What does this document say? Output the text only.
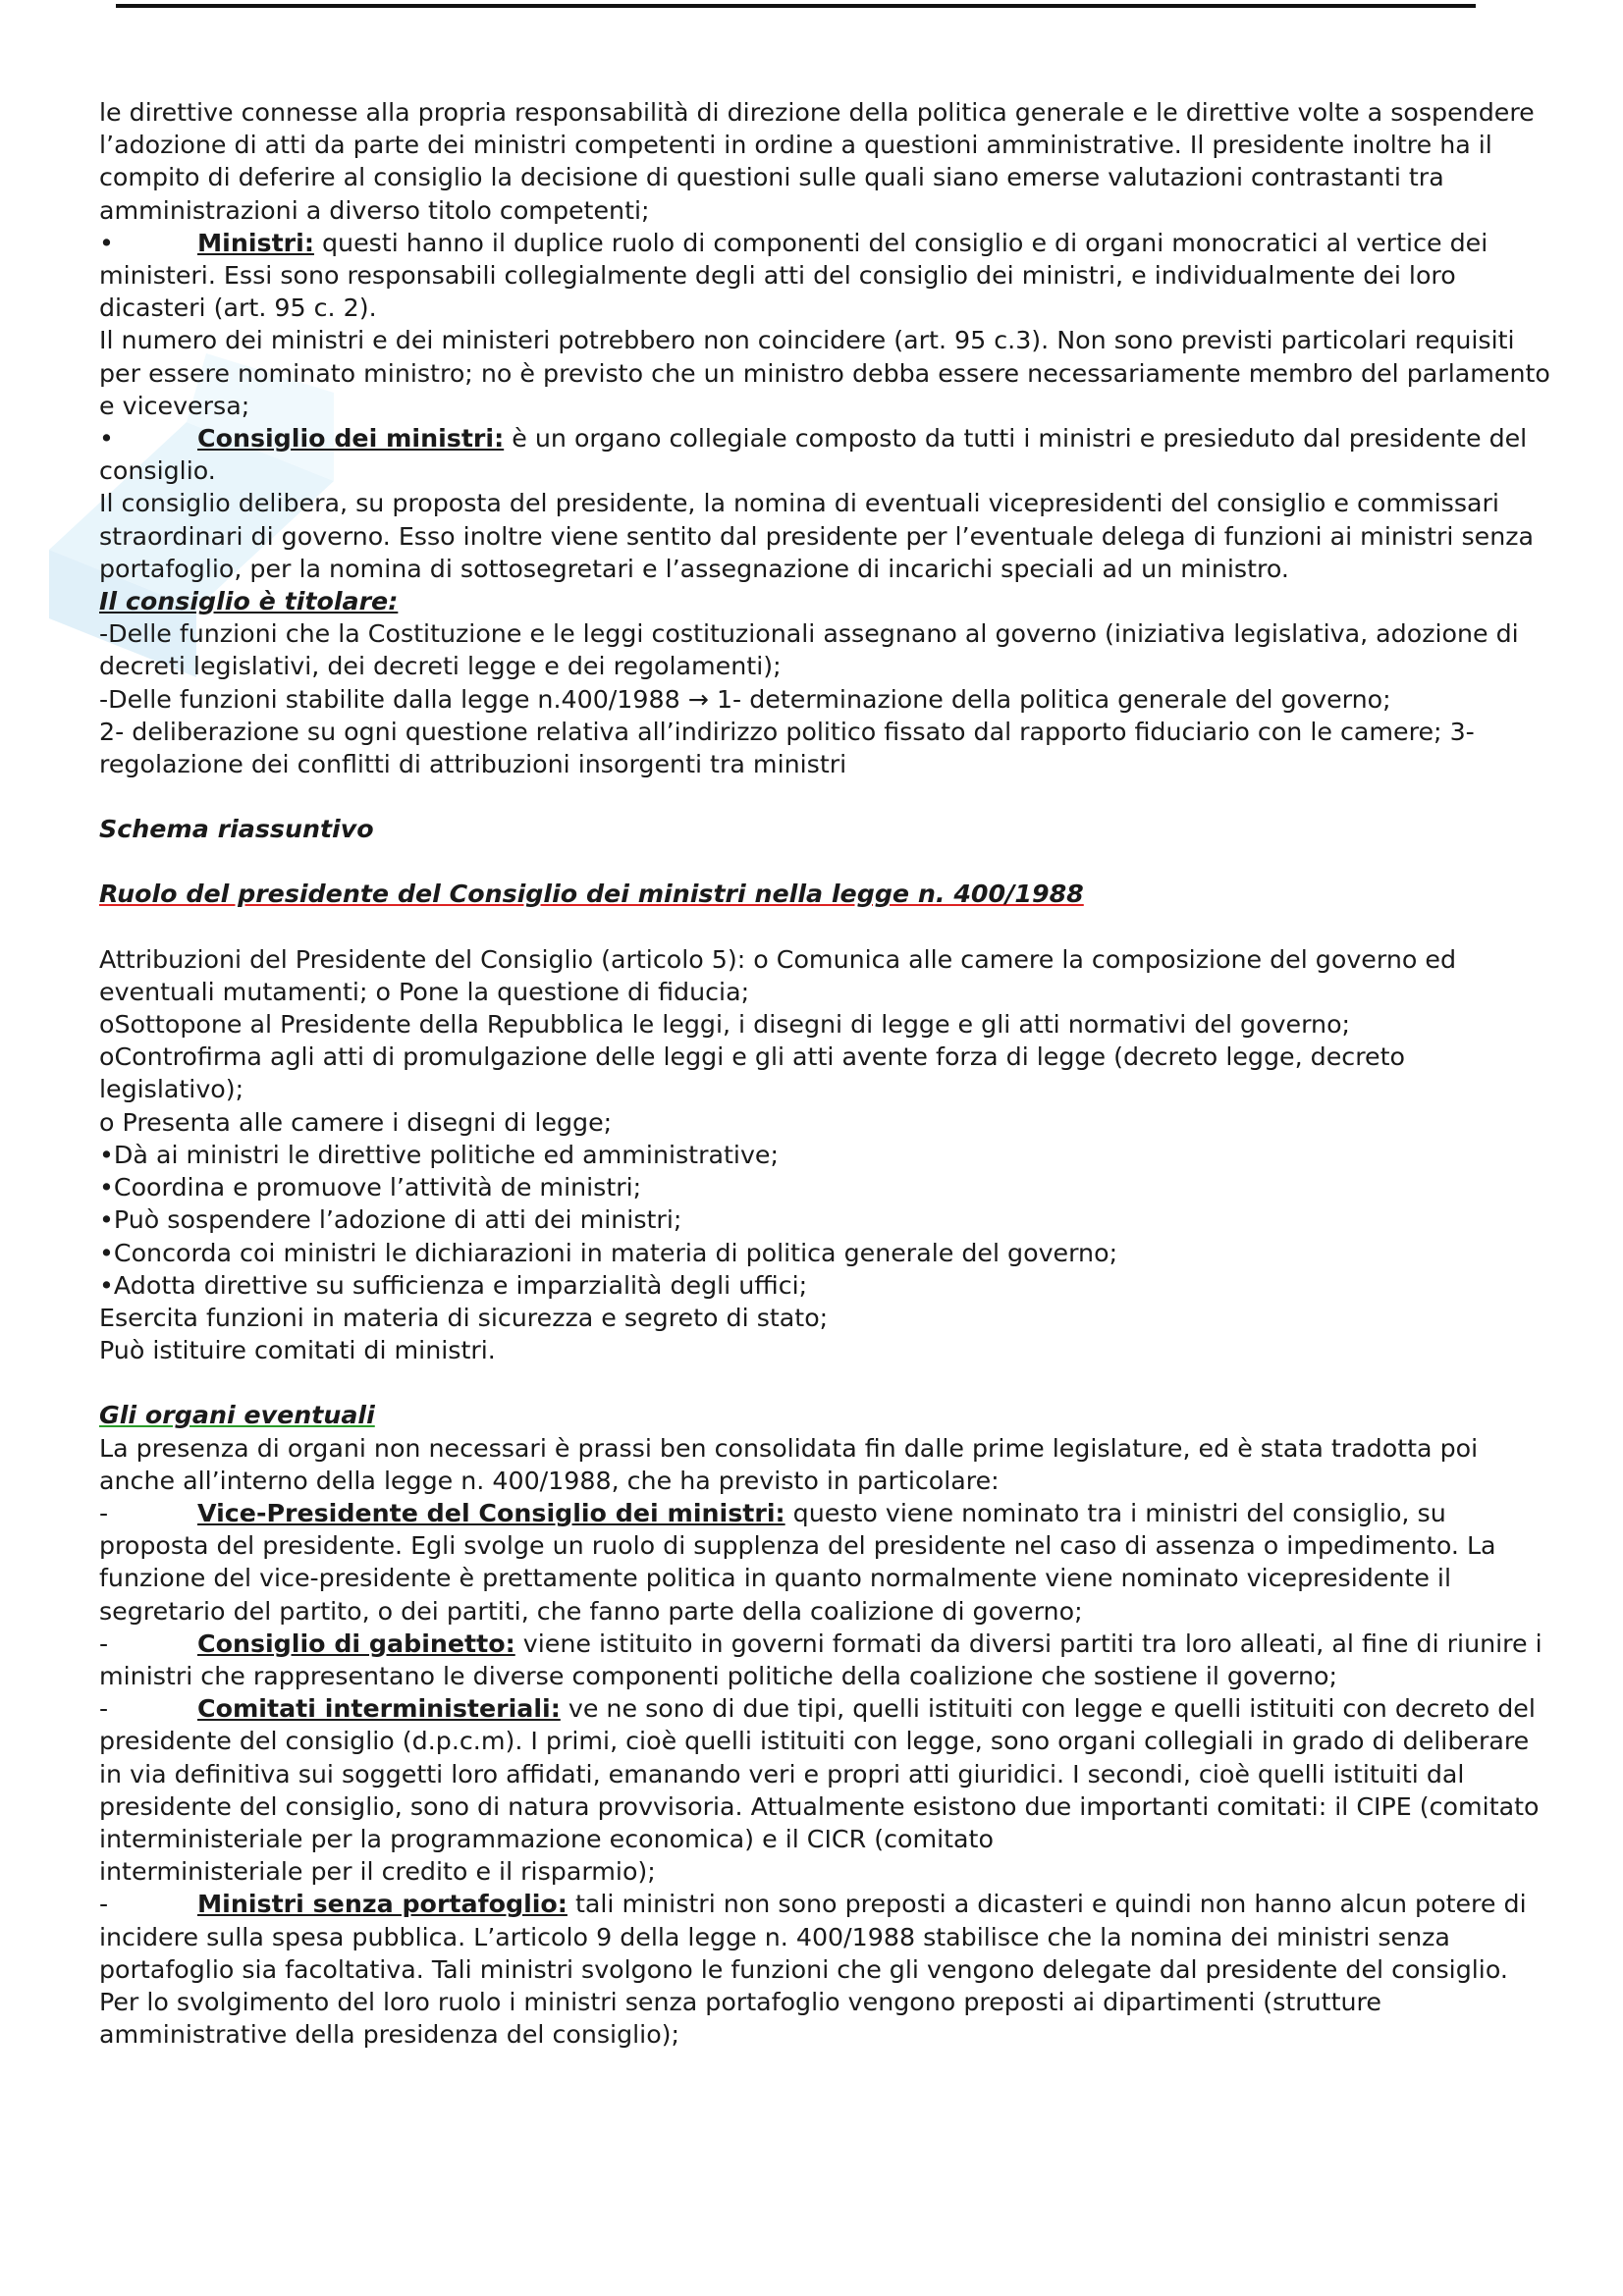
le direttive connesse alla propria responsabilità di direzione della politica generale e le direttive volte a sospendere l’adozione di atti da parte dei ministri competenti in ordine a questioni amministrative. Il presidente inoltre ha il compito di deferire al consiglio la decisione di questioni sulle quali siano emerse valutazioni contrastanti tra amministrazioni a diverso titolo competenti;

•	Ministri: questi hanno il duplice ruolo di componenti del consiglio e di organi monocratici al vertice dei ministeri. Essi sono responsabili collegialmente degli atti del consiglio dei ministri, e individualmente dei loro dicasteri (art. 95 c. 2).

Il numero dei ministri e dei ministeri potrebbero non coincidere (art. 95 c.3). Non sono previsti particolari requisiti per essere nominato ministro; no è previsto che un ministro debba essere necessariamente membro del parlamento e viceversa;

•	Consiglio dei ministri: è un organo collegiale composto da tutti i ministri e presieduto dal presidente del consiglio.

Il consiglio delibera, su proposta del presidente, la nomina di eventuali vicepresidenti del consiglio e commissari straordinari di governo. Esso inoltre viene sentito dal presidente per l’eventuale delega di funzioni ai ministri senza portafoglio, per la nomina di sottosegretari e l’assegnazione di incarichi speciali ad un ministro.

Il consiglio è titolare:

-Delle funzioni che la Costituzione e le leggi costituzionali assegnano al governo (iniziativa legislativa, adozione di decreti legislativi, dei decreti legge e dei regolamenti);

-Delle funzioni stabilite dalla legge n.400/1988 → 1- determinazione della politica generale del governo;

2- deliberazione su ogni questione relativa all’indirizzo politico fissato dal rapporto fiduciario con le camere; 3- regolazione dei conflitti di attribuzioni insorgenti tra ministri

Schema riassuntivo

Ruolo del presidente del Consiglio dei ministri nella legge n. 400/1988

Attribuzioni del Presidente del Consiglio (articolo 5): o Comunica alle camere la composizione del governo ed eventuali mutamenti; o Pone la questione di fiducia;

oSottopone al Presidente della Repubblica le leggi, i disegni di legge e gli atti normativi del governo;

oControfirma agli atti di promulgazione delle leggi e gli atti avente forza di legge (decreto legge, decreto legislativo);

o Presenta alle camere i disegni di legge;

•Dà ai ministri le direttive politiche ed amministrative;

•Coordina e promuove l’attività de ministri;

•Può sospendere l’adozione di atti dei ministri;

•Concorda coi ministri le dichiarazioni in materia di politica generale del governo;

•Adotta direttive su sufficienza e imparzialità degli uffici;

Esercita funzioni in materia di sicurezza e segreto di stato;

Può istituire comitati di ministri.

Gli organi eventuali

La presenza di organi non necessari è prassi ben consolidata fin dalle prime legislature, ed è stata tradotta poi anche all’interno della legge n. 400/1988, che ha previsto in particolare:

-	Vice-Presidente del Consiglio dei ministri: questo viene nominato tra i ministri del consiglio, su proposta del presidente. Egli svolge un ruolo di supplenza del presidente nel caso di assenza o impedimento. La funzione del vice-presidente è prettamente politica in quanto normalmente viene nominato vicepresidente il segretario del partito, o dei partiti, che fanno parte della coalizione di governo;

-	Consiglio di gabinetto: viene istituito in governi formati da diversi partiti tra loro alleati, al fine di riunire i ministri che rappresentano le diverse componenti politiche della coalizione che sostiene il governo;

-	Comitati interministeriali: ve ne sono di due tipi, quelli istituiti con legge e quelli istituiti con decreto del presidente del consiglio (d.p.c.m). I primi, cioè quelli istituiti con legge, sono organi collegiali in grado di deliberare in via definitiva sui soggetti loro affidati, emanando veri e propri atti giuridici. I secondi, cioè quelli istituiti dal presidente del consiglio, sono di natura provvisoria. Attualmente esistono due importanti comitati: il CIPE (comitato interministeriale per la programmazione economica) e il CICR (comitato

interministeriale per il credito e il risparmio);

-	Ministri senza portafoglio: tali ministri non sono preposti a dicasteri e quindi non hanno alcun potere di incidere sulla spesa pubblica. L’articolo 9 della legge n. 400/1988 stabilisce che la nomina dei ministri senza portafoglio sia facoltativa. Tali ministri svolgono le funzioni che gli vengono delegate dal presidente del consiglio. Per lo svolgimento del loro ruolo i ministri senza portafoglio vengono preposti ai dipartimenti (strutture amministrative della presidenza del consiglio);
